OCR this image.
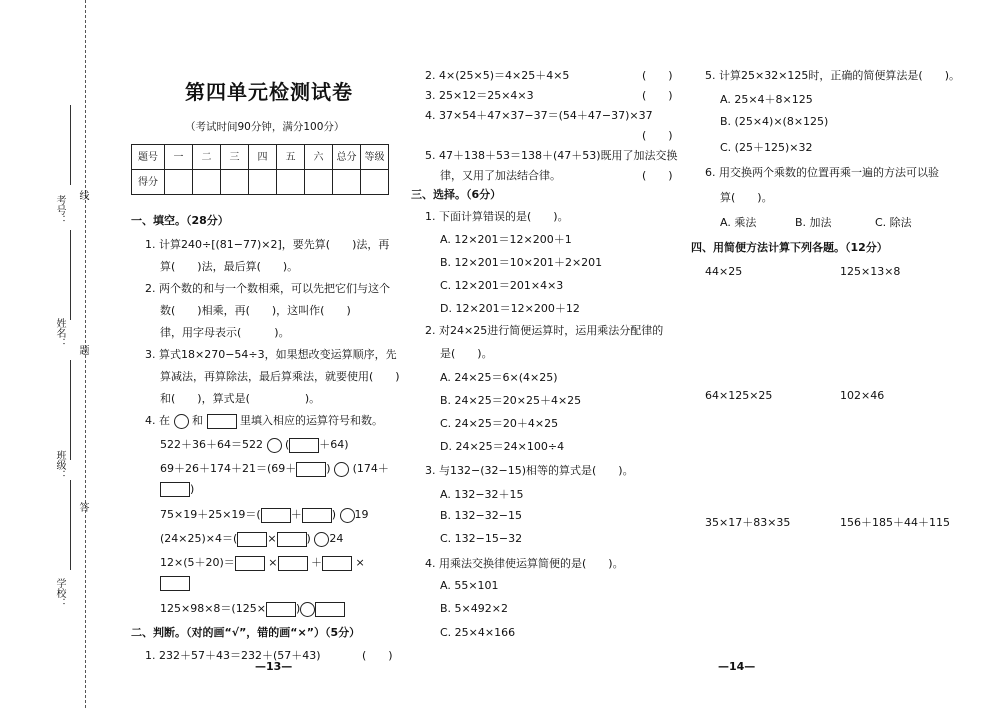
考号： 线
姓名：
题
班级：
答
学校：
第四单元检测试卷
（考试时间90分钟，满分100分）
题号	一	二	三	四	五	六	总分	等级
得分								
一、填空。（28分）
1. 计算240÷[(81−77)×2]，要先算(　　)法，再
算(　　)法，最后算(　　)。
2. 两个数的和与一个数相乘，可以先把它们与这个
数(　　)相乘，再(　　)，这叫作(　　)
律，用字母表示(　　　)。
3. 算式18×270−54÷3，如果想改变运算顺序，先
算减法，再算除法，最后算乘法，就要使用(　　)
和(　　)，算式是(　　　　　)。
4. 在 和	里填入相应的运算符号和数。
522＋36＋64＝522 (	＋64)
69＋26＋174＋21＝(69＋	) (174＋
)
75×19＋25×19＝(	＋	) 19
(24×25)×4＝(	×	) 24
12×(5＋20)＝	×	＋	×
125×98×8＝(125×	)
二、判断。（对的画“√”，错的画“×”）（5分）
1. 232＋57＋43＝232＋(57＋43)	(　　)
2. 4×(25×5)＝4×25＋4×5	(　　)
3. 25×12＝25×4×3	(　　)
4. 37×54＋47×37−37＝(54＋47−37)×37
(　　)
5. 47＋138＋53＝138＋(47＋53)既用了加法交换
律，又用了加法结合律。	(　　)
三、选择。（6分）
1. 下面计算错误的是(　　)。
A. 12×201＝12×200＋1
B. 12×201＝10×201＋2×201
C. 12×201＝201×4×3
D. 12×201＝12×200＋12
2. 对24×25进行简便运算时，运用乘法分配律的
是(　　)。
A. 24×25＝6×(4×25)
B. 24×25＝20×25＋4×25
C. 24×25＝20＋4×25
D. 24×25＝24×100÷4
3. 与132−(32−15)相等的算式是(　　)。
A. 132−32＋15
B. 132−32−15
C. 132−15−32
4. 用乘法交换律使运算简便的是(　　)。
A. 55×101
B. 5×492×2
C. 25×4×166
5. 计算25×32×125时，正确的简便算法是(　　)。
A. 25×4＋8×125
B. (25×4)×(8×125)
C. (25＋125)×32
6. 用交换两个乘数的位置再乘一遍的方法可以验
算(　　)。
A. 乘法	B. 加法	C. 除法
四、用简便方法计算下列各题。（12分）
44×25	125×13×8
64×125×25	102×46
35×17＋83×35	156＋185＋44＋115
—13—	—14—
